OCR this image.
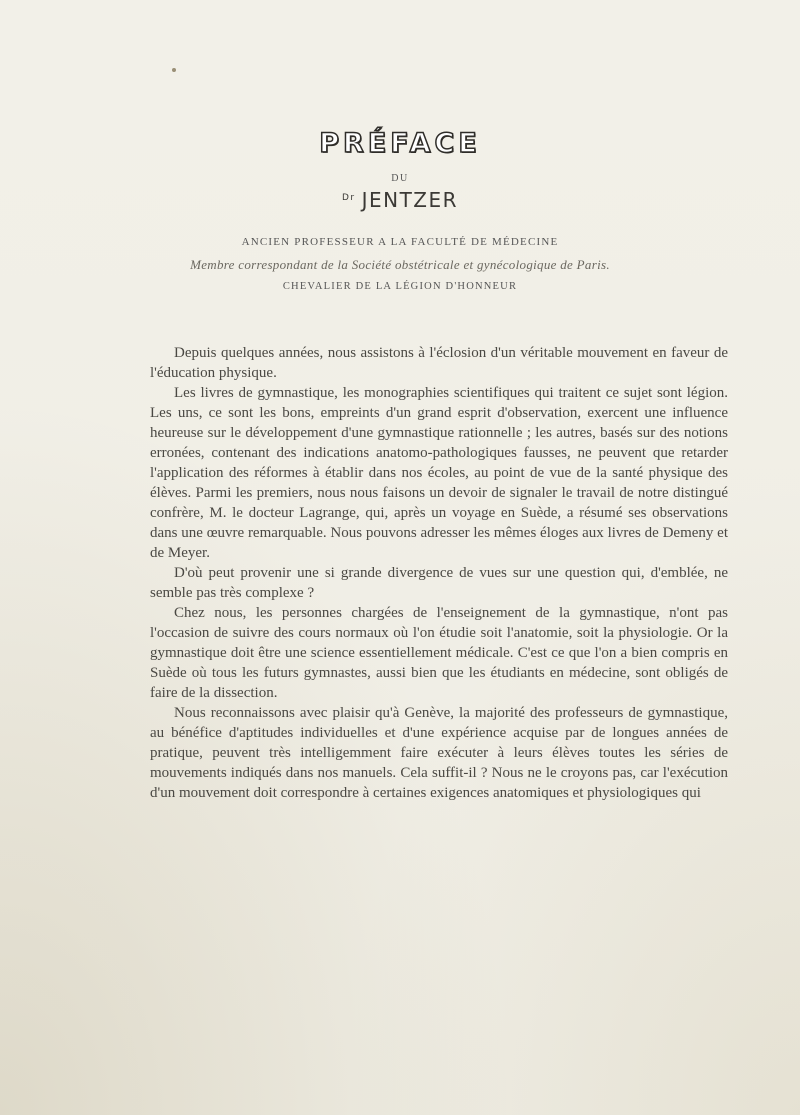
PRÉFACE
DU
$^{Dr}$ JENTZER
ANCIEN PROFESSEUR A LA FACULTÉ DE MÉDECINE
Membre correspondant de la Société obstétricale et gynécologique de Paris.
CHEVALIER DE LA LÉGION D'HONNEUR

Depuis quelques années, nous assistons à l'éclosion d'un véritable mouvement en faveur de l'éducation physique.

Les livres de gymnastique, les monographies scientifiques qui traitent ce sujet sont légion. Les uns, ce sont les bons, empreints d'un grand esprit d'observation, exercent une influence heureuse sur le développement d'une gymnastique rationnelle ; les autres, basés sur des notions erronées, contenant des indications anatomo-pathologiques fausses, ne peuvent que retarder l'application des réformes à établir dans nos écoles, au point de vue de la santé physique des élèves. Parmi les premiers, nous nous faisons un devoir de signaler le travail de notre distingué confrère, M. le docteur Lagrange, qui, après un voyage en Suède, a résumé ses observations dans une œuvre remarquable. Nous pouvons adresser les mêmes éloges aux livres de Demeny et de Meyer.

D'où peut provenir une si grande divergence de vues sur une question qui, d'emblée, ne semble pas très complexe ?

Chez nous, les personnes chargées de l'enseignement de la gymnastique, n'ont pas l'occasion de suivre des cours normaux où l'on étudie soit l'anatomie, soit la physiologie. Or la gymnastique doit être une science essentiellement médicale. C'est ce que l'on a bien compris en Suède où tous les futurs gymnastes, aussi bien que les étudiants en médecine, sont obligés de faire de la dissection.

Nous reconnaissons avec plaisir qu'à Genève, la majorité des professeurs de gymnastique, au bénéfice d'aptitudes individuelles et d'une expérience acquise par de longues années de pratique, peuvent très intelligemment faire exécuter à leurs élèves toutes les séries de mouvements indiqués dans nos manuels. Cela suffit-il ? Nous ne le croyons pas, car l'exécution d'un mouvement doit correspondre à certaines exigences anatomiques et physiologiques qui
